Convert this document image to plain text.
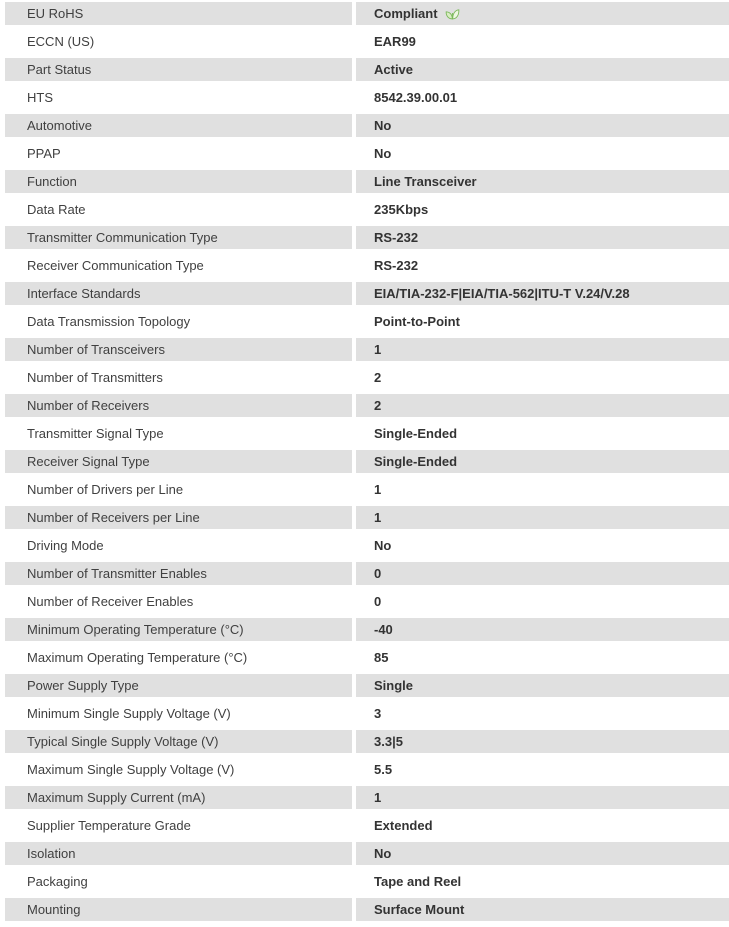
EU RoHS	Compliant
ECCN (US)	EAR99
Part Status	Active
HTS	8542.39.00.01
Automotive	No
PPAP	No
Function	Line Transceiver
Data Rate	235Kbps
Transmitter Communication Type	RS-232
Receiver Communication Type	RS-232
Interface Standards	EIA/TIA-232-F|EIA/TIA-562|ITU-T V.24/V.28
Data Transmission Topology	Point-to-Point
Number of Transceivers	1
Number of Transmitters	2
Number of Receivers	2
Transmitter Signal Type	Single-Ended
Receiver Signal Type	Single-Ended
Number of Drivers per Line	1
Number of Receivers per Line	1
Driving Mode	No
Number of Transmitter Enables	0
Number of Receiver Enables	0
Minimum Operating Temperature (°C)	-40
Maximum Operating Temperature (°C)	85
Power Supply Type	Single
Minimum Single Supply Voltage (V)	3
Typical Single Supply Voltage (V)	3.3|5
Maximum Single Supply Voltage (V)	5.5
Maximum Supply Current (mA)	1
Supplier Temperature Grade	Extended
Isolation	No
Packaging	Tape and Reel
Mounting	Surface Mount
